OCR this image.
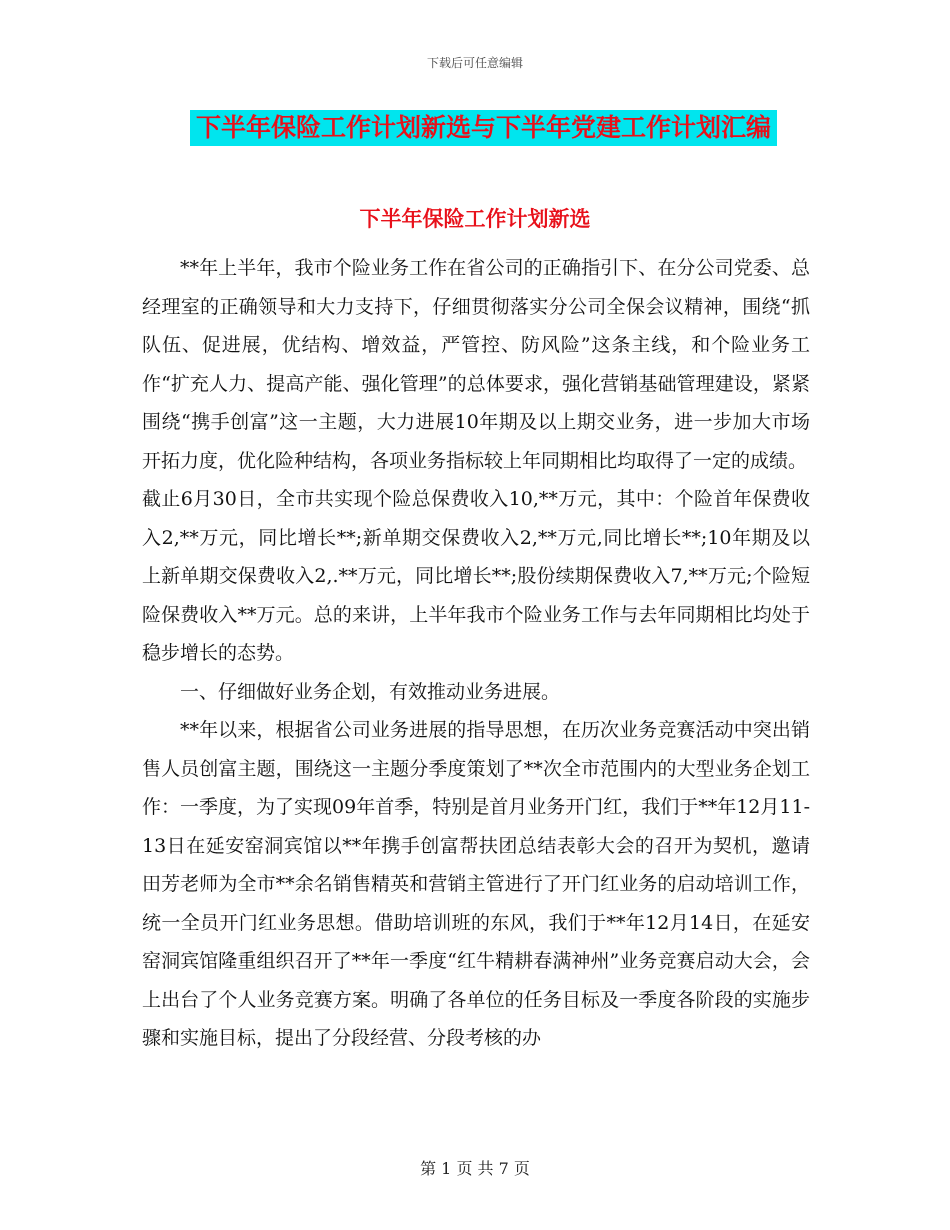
下载后可任意编辑
下半年保险工作计划新选与下半年党建工作计划汇编
下半年保险工作计划新选

**年上半年，我市个险业务工作在省公司的正确指引下、在分公司党委、总经理室的正确领导和大力支持下，仔细贯彻落实分公司全保会议精神，围绕“抓队伍、促进展，优结构、增效益，严管控、防风险”这条主线，和个险业务工作“扩充人力、提高产能、强化管理”的总体要求，强化营销基础管理建设，紧紧围绕“携手创富”这一主题，大力进展10年期及以上期交业务，进一步加大市场开拓力度，优化险种结构，各项业务指标较上年同期相比均取得了一定的成绩。

截止6月30日，全市共实现个险总保费收入10,**万元，其中：个险首年保费收入2,**万元，同比增长**;新单期交保费收入2,**万元,同比增长**;10年期及以上新单期交保费收入2,.**万元，同比增长**;股份续期保费收入7,**万元;个险短险保费收入**万元。总的来讲，上半年我市个险业务工作与去年同期相比均处于稳步增长的态势。

一、仔细做好业务企划，有效推动业务进展。

**年以来，根据省公司业务进展的指导思想，在历次业务竞赛活动中突出销售人员创富主题，围绕这一主题分季度策划了**次全市范围内的大型业务企划工作：一季度，为了实现09年首季，特别是首月业务开门红，我们于**年12月11-13日在延安窑洞宾馆以**年携手创富帮扶团总结表彰大会的召开为契机，邀请田芳老师为全市**余名销售精英和营销主管进行了开门红业务的启动培训工作，统一全员开门红业务思想。借助培训班的东风，我们于**年12月14日，在延安窑洞宾馆隆重组织召开了**年一季度“红牛精耕春满神州”业务竞赛启动大会，会上出台了个人业务竞赛方案。明确了各单位的任务目标及一季度各阶段的实施步骤和实施目标，提出了分段经营、分段考核的办

第 1 页 共 7 页
